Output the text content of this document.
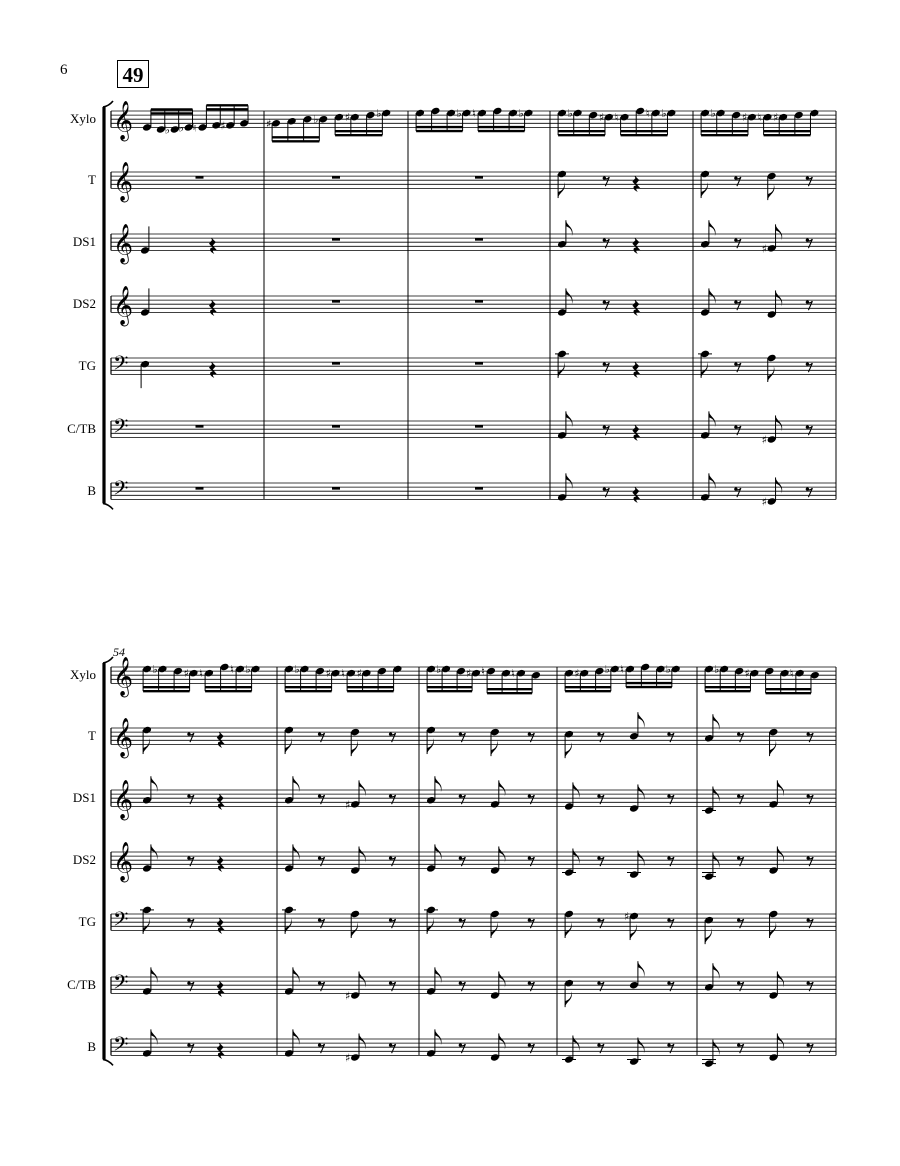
6	49
54
Xylo
T
DS1
DS2
TG
C/TB
B
Xylo
T
DS1
DS2
TG
C/TB
B
𝄞	♭ ♭ ♮ ♯	♯	♭ ♯ ♭	♭ ♮	♭	♭ ♯ ♮ ♮ ♭	♭ ♯ ♮ ♯
𝄞
𝄞	♯
𝄞
𝄢
𝄢	♯
𝄢	♯
𝄞 ♭ ♯ ♮ ♮ ♭	♭ ♯ ♮ ♯	♭ ♯ ♮ ♮	♯ ♭ ♮	♭	♭ ♯	♮
𝄞
𝄞	♯
𝄞
𝄢	♯
𝄢	♯
𝄢	♯
